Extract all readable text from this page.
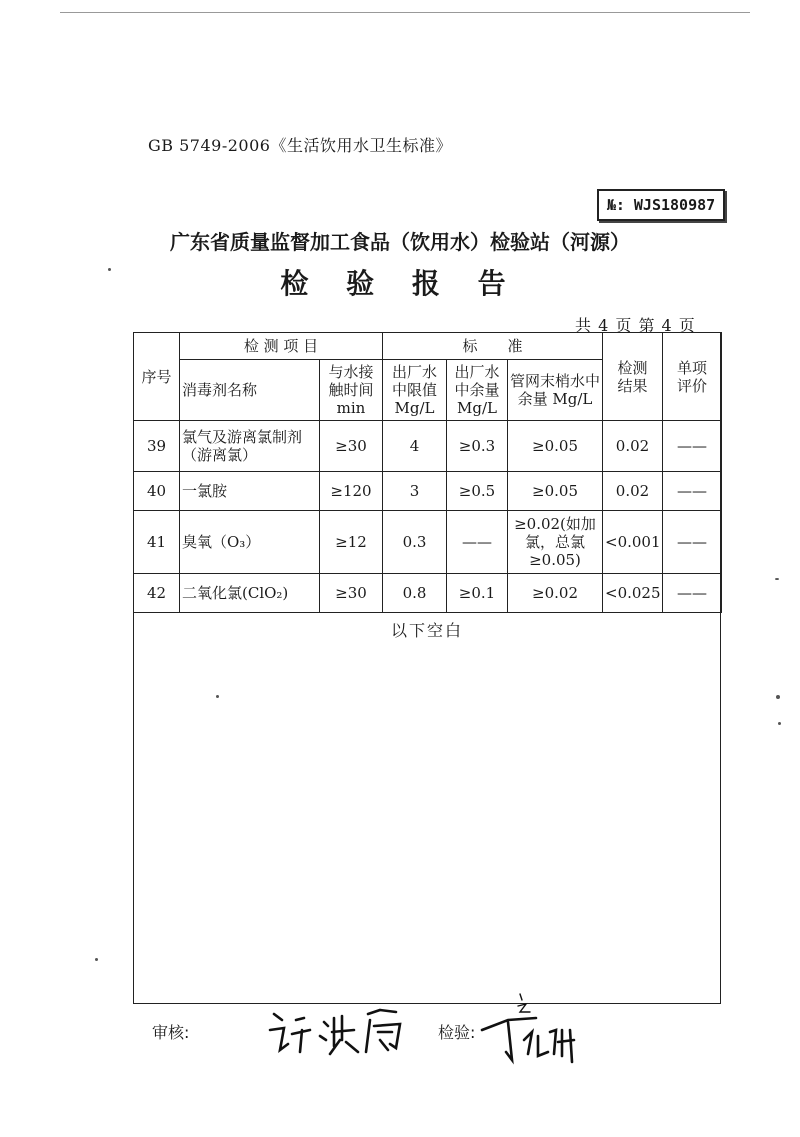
GB 5749-2006《生活饮用水卫生标准》
№: WJS180987
广东省质量监督加工食品（饮用水）检验站（河源）
检 验 报 告
共 4 页 第 4 页
序号	检 测 项 目		标　　准			检测结果	单项评价
	消毒剂名称	与水接触时间 min	出厂水中限值 Mg/L	出厂水中余量 Mg/L	管网末梢水中余量 Mg/L		
39	氯气及游离氯制剂（游离氯）	≥30	4	≥0.3	≥0.05	0.02	——
40	一氯胺	≥120	3	≥0.5	≥0.05	0.02	——
41	臭氧（O₃）	≥12	0.3	——	≥0.02(如加氯，总氯≥0.05)	<0.001	——
42	二氧化氯(ClO₂)	≥30	0.8	≥0.1	≥0.02	<0.025	——
以下空白
审核:	检验:
